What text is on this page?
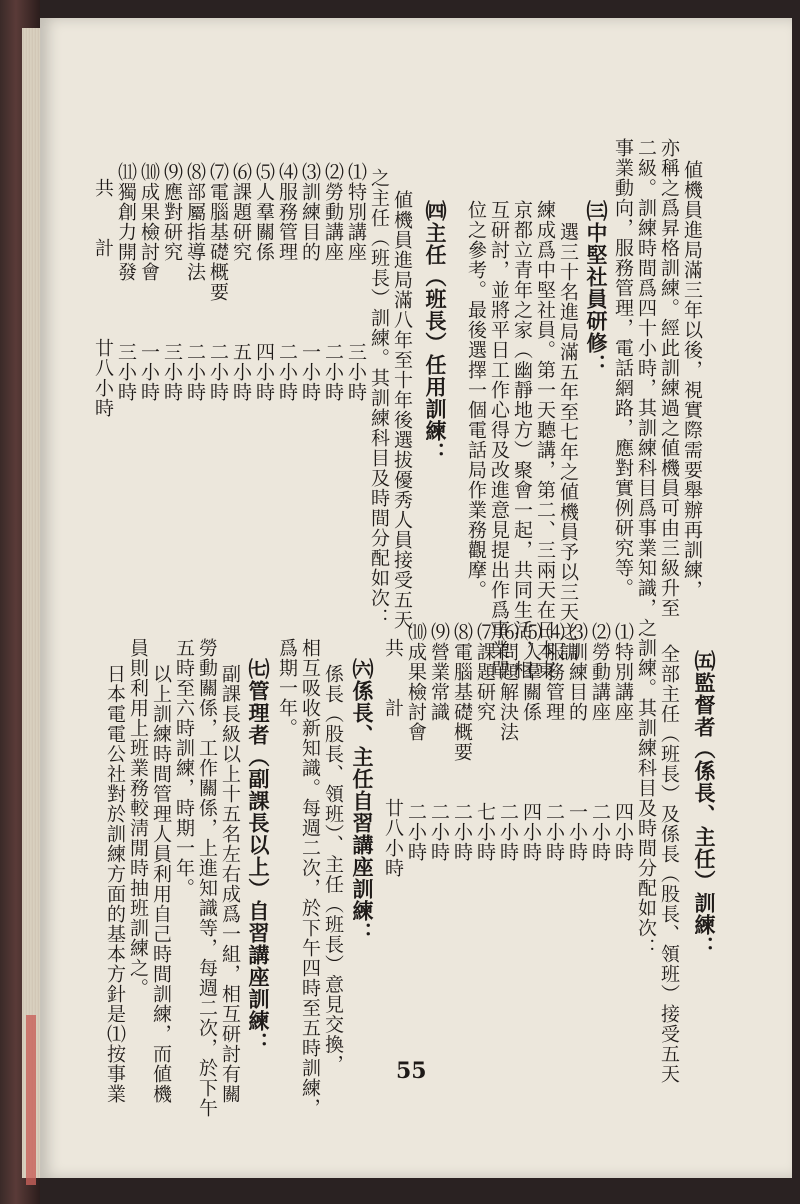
値機員進局滿三年以後，視實際需要舉辦再訓練，
亦稱之爲昇格訓練。經此訓練過之値機員可由三級升至
二級。訓練時間爲四十小時，其訓練科目爲事業知識，
事業動向，服務管理，電話網路，應對實例研究等。
㈢中堅社員研修：
選三十名進局滿五年至七年之値機員予以三天之訓
練成爲中堅社員。第一天聽講，第二、三兩天在日本東
京都立青年之家（幽靜地方）聚會一起，共同生活，相
互研討，並將平日工作心得及改進意見提出作爲事業單
位之參考。最後選擇一個電話局作業務觀摩。
㈣主任（班長）任用訓練：
値機員進局滿八年至十年後選拔優秀人員接受五天
之主任（班長）訓練。其訓練科目及時間分配如次：
⑴特別講座　　　　三小時
⑵勞動講座　　　　二小時
⑶訓練目的　　　　一小時
⑷服務管理　　　　二小時
⑸人羣關係　　　　四小時
⑹課題研究　　　　五小時
⑺電腦基礎概要　　二小時
⑻部屬指導法　　　二小時
⑼應對研究　　　　三小時
⑽成果檢討會　　　一小時
⑾獨創力開發　　　三小時
共　　計　　　　廿八小時
㈤監督者（係長、主任）訓練：
全部主任（班長）及係長（股長、領班）接受五天
之訓練。其訓練科目及時間分配如次：
⑴特別講座　　　　四小時
⑵勞動講座　　　　二小時
⑶訓練目的　　　　一小時
⑷服務管理　　　　二小時
⑸人羣關係　　　　四小時
⑹問題解決法　　　二小時
⑺課題研究　　　　七小時
⑻電腦基礎概要　　二小時
⑼營業常識　　　　二小時
⑽成果檢討會　　　二小時
共　　計　　　　廿八小時
㈥係長、主任自習講座訓練：
係長（股長、領班）、主任（班長）意見交換，
相互吸收新知識。每週二次，於下午四時至五時訓練，
爲期一年。
㈦管理者（副課長以上）自習講座訓練：
副課長級以上十五名左右成爲一組，相互研討有關
勞動關係，工作關係，上進知識等，每週二次，於下午
五時至六時訓練，時期一年。
以上訓練時間管理人員利用自己時間訓練，而値機
員則利用上班業務較淸閒時抽班訓練之。
日本電電公社對於訓練方面的基本方針是⑴按事業	55
